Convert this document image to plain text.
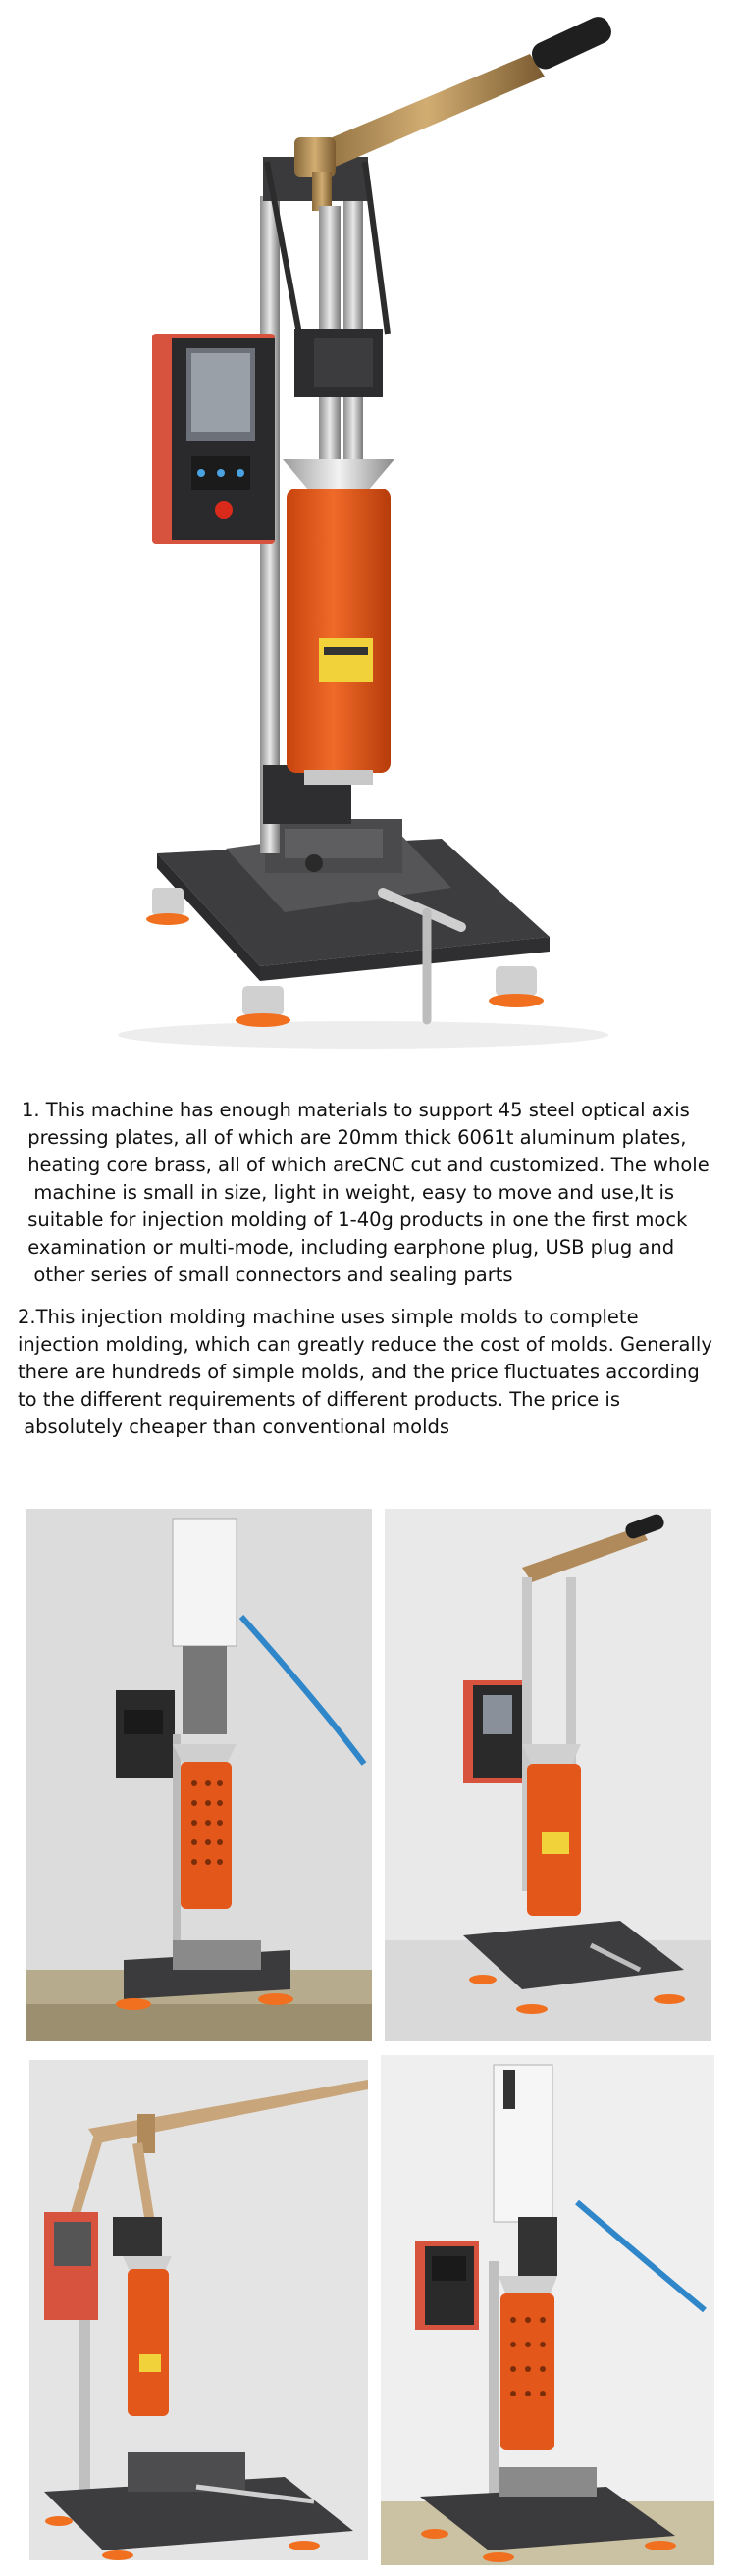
1. This machine has enough materials to support 45 steel optical axis
pressing plates, all of which are 20mm thick 6061t aluminum plates,
heating core brass, all of which areCNC cut and customized. The whole
machine is small in size, light in weight, easy to move and use,It is
suitable for injection molding of 1-40g products in one the first mock
examination or multi-mode, including earphone plug, USB plug and
other series of small connectors and sealing parts
2.This injection molding machine uses simple molds to complete
injection molding, which can greatly reduce the cost of molds. Generally
there are hundreds of simple molds, and the price fluctuates according
to the different requirements of different products. The price is
absolutely cheaper than conventional molds
